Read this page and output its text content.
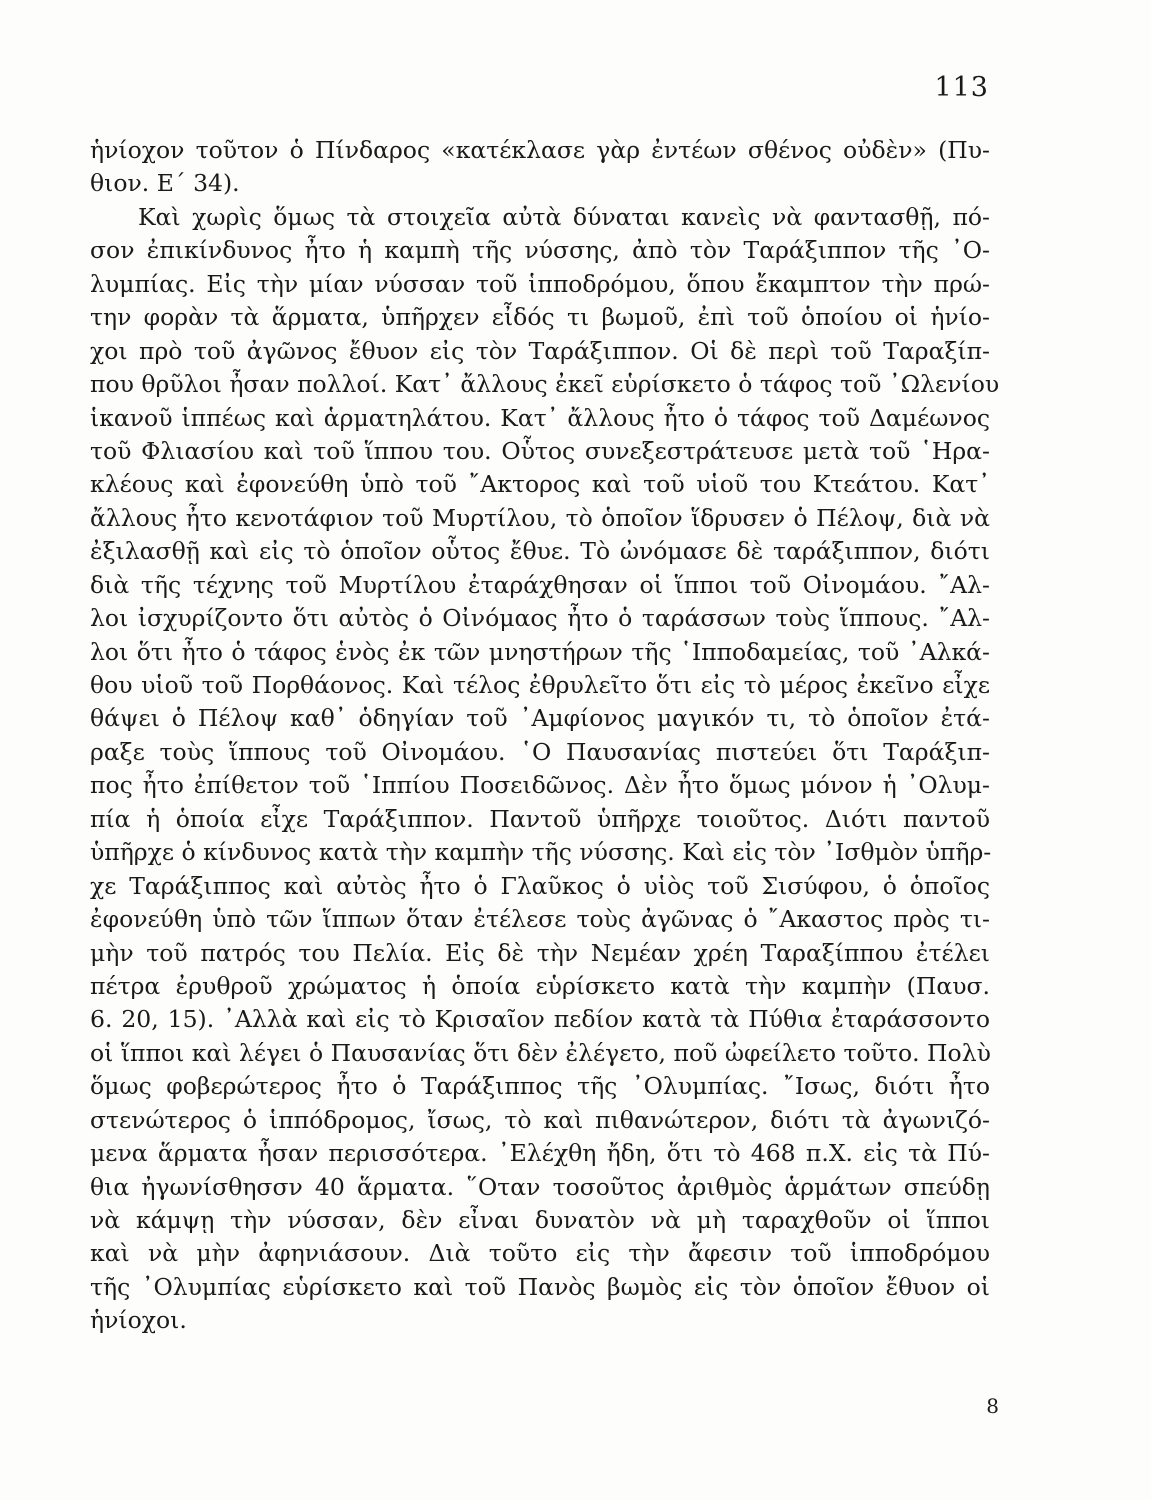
113
ἡνίοχον τοῦτον ὁ Πίνδαρος «κατέκλασε γὰρ ἐντέων σθένος οὐδὲν» (Πυ-
θιον. Ε΄ 34).
Καὶ χωρὶς ὅμως τὰ στοιχεῖα αὐτὰ δύναται κανεὶς νὰ φαντασθῇ, πό-
σον ἐπικίνδυνος ἦτο ἡ καμπὴ τῆς νύσσης, ἀπὸ τὸν Ταράξιππον τῆς ᾿Ο-
λυμπίας. Εἰς τὴν μίαν νύσσαν τοῦ ἱπποδρόμου, ὅπου ἔκαμπτον τὴν πρώ-
την φορὰν τὰ ἅρματα, ὑπῆρχεν εἶδός τι βωμοῦ, ἐπὶ τοῦ ὁποίου οἱ ἡνίο-
χοι πρὸ τοῦ ἀγῶνος ἔθυον εἰς τὸν Ταράξιππον. Οἱ δὲ περὶ τοῦ Ταραξίπ-
που θρῦλοι ἦσαν πολλοί. Κατ᾿ ἄλλους ἐκεῖ εὑρίσκετο ὁ τάφος τοῦ ᾿Ωλενίου
ἱκανοῦ ἱππέως καὶ ἁρματηλάτου. Κατ᾿ ἄλλους ἦτο ὁ τάφος τοῦ Δαμέωνος
τοῦ Φλιασίου καὶ τοῦ ἵππου του. Οὗτος συνεξεστράτευσε μετὰ τοῦ ῾Ηρα-
κλέους καὶ ἐφονεύθη ὑπὸ τοῦ ῎Ακτορος καὶ τοῦ υἱοῦ του Κτεάτου. Κατ᾿
ἄλλους ἦτο κενοτάφιον τοῦ Μυρτίλου, τὸ ὁποῖον ἵδρυσεν ὁ Πέλοψ, διὰ νὰ
ἐξιλασθῇ καὶ εἰς τὸ ὁποῖον οὗτος ἔθυε. Τὸ ὠνόμασε δὲ ταράξιππον, διότι
διὰ τῆς τέχνης τοῦ Μυρτίλου ἐταράχθησαν οἱ ἵπποι τοῦ Οἰνομάου. ῎Αλ-
λοι ἰσχυρίζοντο ὅτι αὐτὸς ὁ Οἰνόμαος ἦτο ὁ ταράσσων τοὺς ἵππους. ῎Αλ-
λοι ὅτι ἦτο ὁ τάφος ἑνὸς ἐκ τῶν μνηστήρων τῆς ῾Ιπποδαμείας, τοῦ ᾿Αλκά-
θου υἱοῦ τοῦ Πορθάονος. Καὶ τέλος ἐθρυλεῖτο ὅτι εἰς τὸ μέρος ἐκεῖνο εἶχε
θάψει ὁ Πέλοψ καθ᾿ ὁδηγίαν τοῦ ᾿Αμφίονος μαγικόν τι, τὸ ὁποῖον ἐτά-
ραξε τοὺς ἵππους τοῦ Οἰνομάου. ῾Ο Παυσανίας πιστεύει ὅτι Ταράξιπ-
πος ἦτο ἐπίθετον τοῦ ῾Ιππίου Ποσειδῶνος. Δὲν ἦτο ὅμως μόνον ἡ ᾿Ολυμ-
πία ἡ ὁποία εἶχε Ταράξιππον. Παντοῦ ὑπῆρχε τοιοῦτος. Διότι παντοῦ
ὑπῆρχε ὁ κίνδυνος κατὰ τὴν καμπὴν τῆς νύσσης. Καὶ εἰς τὸν ᾿Ισθμὸν ὑπῆρ-
χε Ταράξιππος καὶ αὐτὸς ἦτο ὁ Γλαῦκος ὁ υἱὸς τοῦ Σισύφου, ὁ ὁποῖος
ἐφονεύθη ὑπὸ τῶν ἵππων ὅταν ἐτέλεσε τοὺς ἀγῶνας ὁ ῎Ακαστος πρὸς τι-
μὴν τοῦ πατρός του Πελία. Εἰς δὲ τὴν Νεμέαν χρέη Ταραξίππου ἐτέλει
πέτρα ἐρυθροῦ χρώματος ἡ ὁποία εὑρίσκετο κατὰ τὴν καμπὴν (Παυσ.
6. 20, 15). ᾿Αλλὰ καὶ εἰς τὸ Κρισαῖον πεδίον κατὰ τὰ Πύθια ἐταράσσοντο
οἱ ἵπποι καὶ λέγει ὁ Παυσανίας ὅτι δὲν ἐλέγετο, ποῦ ὠφείλετο τοῦτο. Πολὺ
ὅμως φοβερώτερος ἦτο ὁ Ταράξιππος τῆς ᾿Ολυμπίας. ῎Ισως, διότι ἦτο
στενώτερος ὁ ἱππόδρομος, ἴσως, τὸ καὶ πιθανώτερον, διότι τὰ ἀγωνιζό-
μενα ἅρματα ἦσαν περισσότερα. ᾿Ελέχθη ἤδη, ὅτι τὸ 468 π.Χ. εἰς τὰ Πύ-
θια ἠγωνίσθησσν 40 ἅρματα. ῞Οταν τοσοῦτος ἀριθμὸς ἁρμάτων σπεύδῃ
νὰ κάμψῃ τὴν νύσσαν, δὲν εἶναι δυνατὸν νὰ μὴ ταραχθοῦν οἱ ἵπποι
καὶ νὰ μὴν ἀφηνιάσουν. Διὰ τοῦτο εἰς τὴν ἄφεσιν τοῦ ἱπποδρόμου
τῆς ᾿Ολυμπίας εὑρίσκετο καὶ τοῦ Πανὸς βωμὸς εἰς τὸν ὁποῖον ἔθυον οἱ
ἡνίοχοι.
8
